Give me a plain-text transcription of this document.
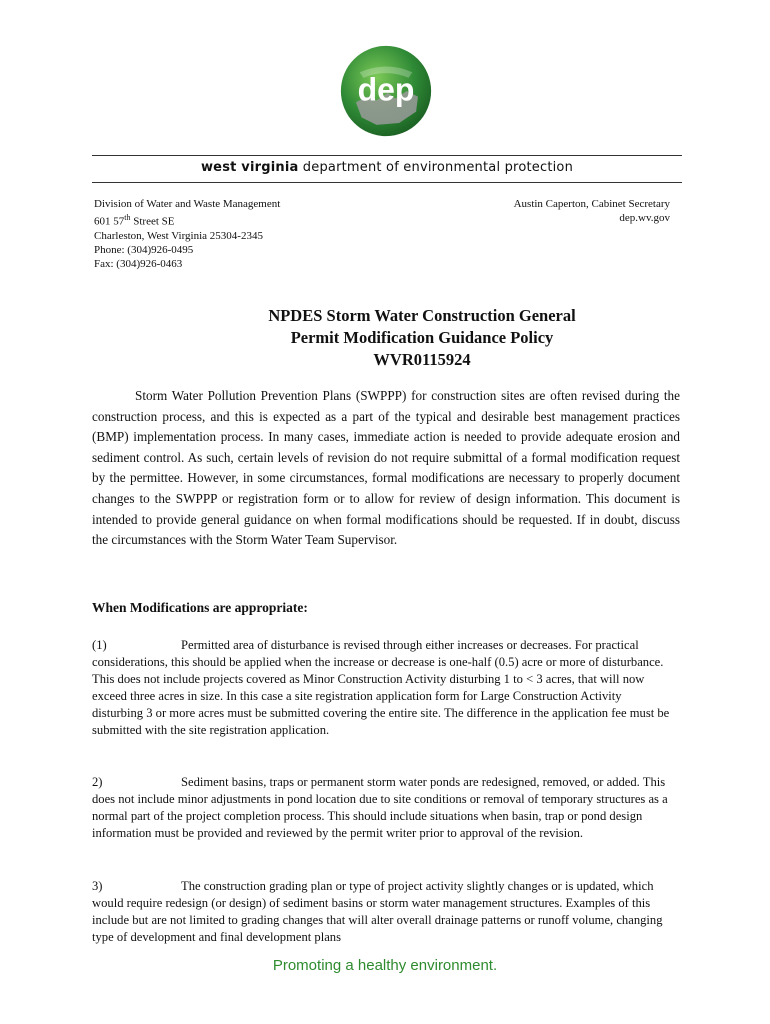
dep
west virginia department of environmental protection
Division of Water and Waste Management
601 57th Street SE
Charleston, West Virginia 25304-2345
Phone: (304)926-0495
Fax: (304)926-0463
Austin Caperton, Cabinet Secretary
dep.wv.gov
NPDES Storm Water Construction General
Permit Modification Guidance Policy
WVR0115924

Storm Water Pollution Prevention Plans (SWPPP) for construction sites are often revised during the construction process, and this is expected as a part of the typical and desirable best management practices (BMP) implementation process. In many cases, immediate action is needed to provide adequate erosion and sediment control. As such, certain levels of revision do not require submittal of a formal modification request by the permittee. However, in some circumstances, formal modifications are necessary to properly document changes to the SWPPP or registration form or to allow for review of design information. This document is intended to provide general guidance on when formal modifications should be requested. If in doubt, discuss the circumstances with the Storm Water Team Supervisor.

When Modifications are appropriate:

(1)	Permitted area of disturbance is revised through either increases or decreases. For practical considerations, this should be applied when the increase or decrease is one-half (0.5) acre or more of disturbance. This does not include projects covered as Minor Construction Activity disturbing 1 to < 3 acres, that will now exceed three acres in size. In this case a site registration application form for Large Construction Activity disturbing 3 or more acres must be submitted covering the entire site. The difference in the application fee must be submitted with the site registration application.

2)	Sediment basins, traps or permanent storm water ponds are redesigned, removed, or added. This does not include minor adjustments in pond location due to site conditions or removal of temporary structures as a normal part of the project completion process. This should include situations when basin, trap or pond design information must be provided and reviewed by the permit writer prior to approval of the revision.

3)	The construction grading plan or type of project activity slightly changes or is updated, which would require redesign (or design) of sediment basins or storm water management structures. Examples of this include but are not limited to grading changes that will alter overall drainage patterns or runoff volume, changing type of development and final development plans

Promoting a healthy environment.
